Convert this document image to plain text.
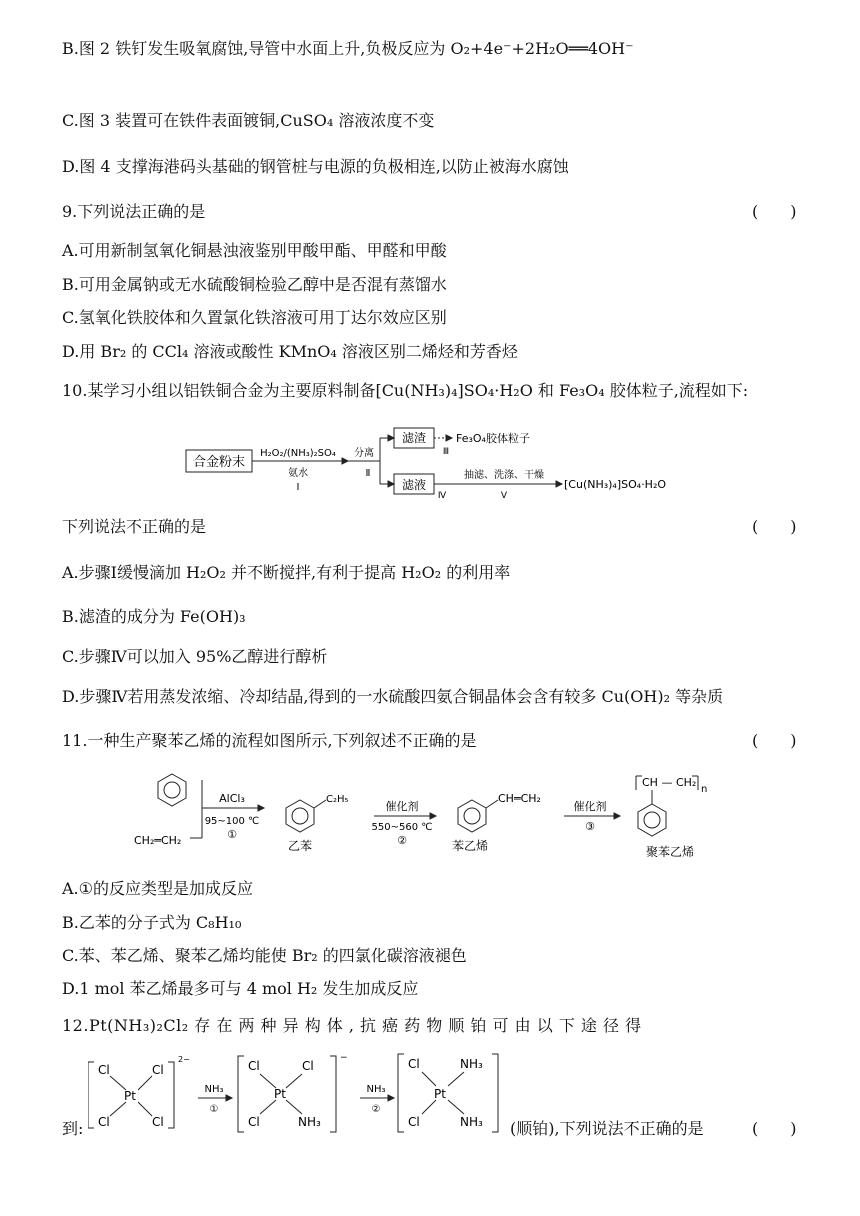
B.图 2 铁钉发生吸氧腐蚀,导管中水面上升,负极反应为 O₂+4e⁻+2H₂O══4OH⁻
C.图 3 装置可在铁件表面镀铜,CuSO₄ 溶液浓度不变
D.图 4 支撑海港码头基础的钢管桩与电源的负极相连,以防止被海水腐蚀
9.下列说法正确的是	(　　)
A.可用新制氢氧化铜悬浊液鉴别甲酸甲酯、甲醛和甲酸
B.可用金属钠或无水硫酸铜检验乙醇中是否混有蒸馏水
C.氢氧化铁胶体和久置氯化铁溶液可用丁达尔效应区别
D.用 Br₂ 的 CCl₄ 溶液或酸性 KMnO₄ 溶液区别二烯烃和芳香烃
10.某学习小组以铝铁铜合金为主要原料制备[Cu(NH₃)₄]SO₄·H₂O 和 Fe₃O₄ 胶体粒子,流程如下:
合金粉末
H₂O₂/(NH₃)₂SO₄
氨水
Ⅰ
分离
Ⅱ
滤渣
Ⅲ
Fe₃O₄胶体粒子
滤液
Ⅳ
抽滤、洗涤、干燥
Ⅴ
[Cu(NH₃)₄]SO₄·H₂O
下列说法不正确的是	(　　)
A.步骤Ⅰ缓慢滴加 H₂O₂ 并不断搅拌,有利于提高 H₂O₂ 的利用率
B.滤渣的成分为 Fe(OH)₃
C.步骤Ⅳ可以加入 95%乙醇进行醇析
D.步骤Ⅳ若用蒸发浓缩、冷却结晶,得到的一水硫酸四氨合铜晶体会含有较多 Cu(OH)₂ 等杂质
11.一种生产聚苯乙烯的流程如图所示,下列叙述不正确的是	(　　)
CH₂═CH₂
AlCl₃
95~100 ℃
①
C₂H₅
乙苯
催化剂
550~560 ℃
②
CH═CH₂
苯乙烯
催化剂
③
CH — CH₂
n
聚苯乙烯
A.①的反应类型是加成反应
B.乙苯的分子式为 C₈H₁₀
C.苯、苯乙烯、聚苯乙烯均能使 Br₂ 的四氯化碳溶液褪色
D.1 mol 苯乙烯最多可与 4 mol H₂ 发生加成反应
12.Pt(NH₃)₂Cl₂ 存 在 两 种 异 构 体 , 抗 癌 药 物 顺 铂 可 由 以 下 途 径 得
到:
Cl	Cl
Pt
Cl	Cl
2−
NH₃
①
Cl	Cl
Pt
Cl	NH₃
−
NH₃
②
Cl	NH₃
Pt
Cl	NH₃ (顺铂),下列说法不正确的是	(　　)
